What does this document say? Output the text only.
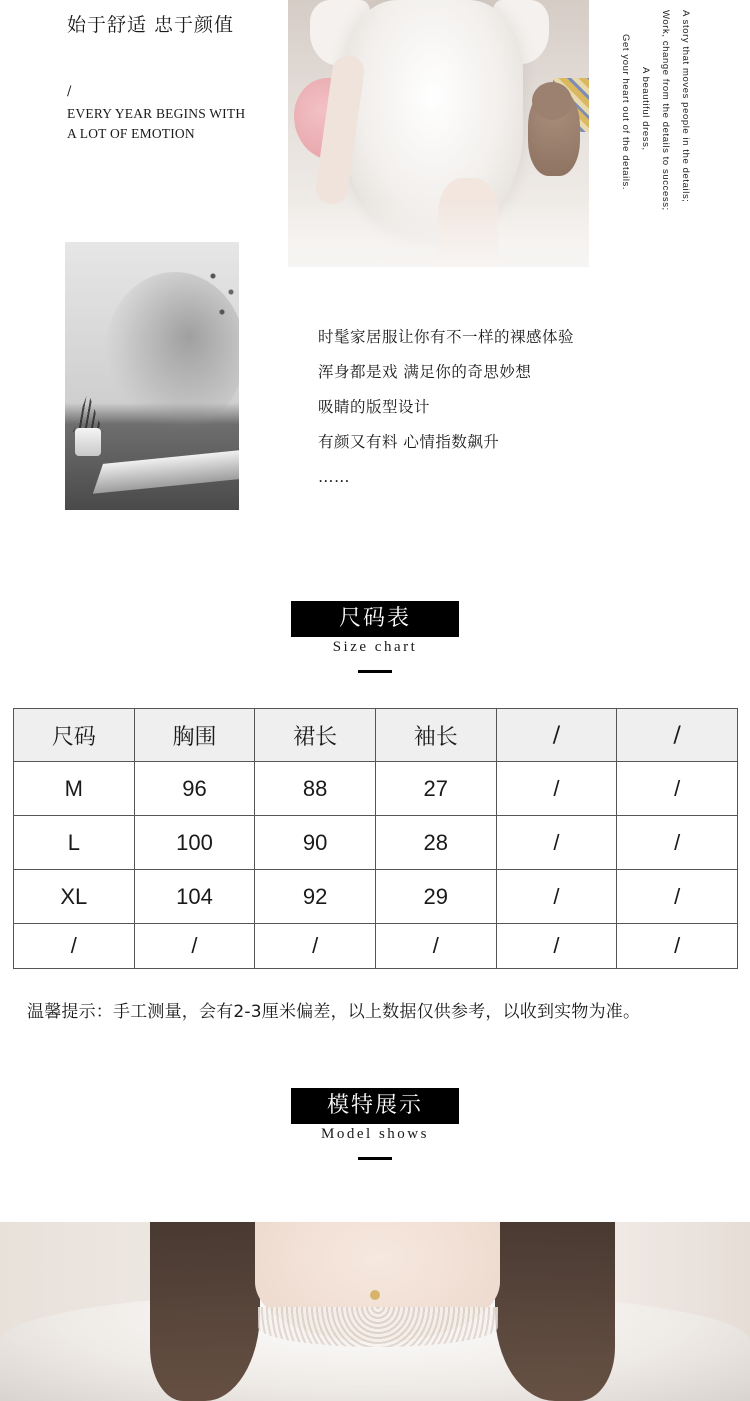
始于舒适 忠于颜值
/
EVERY YEAR BEGINS WITH
A LOT OF EMOTION	A story that moves people in the details;
Work, change from the details to success;
A beautiful dress,
Get your heart out of the details.
时髦家居服让你有不一样的裸感体验
浑身都是戏 满足你的奇思妙想
吸睛的版型设计
有颜又有料 心情指数飙升
……
尺码表
Size chart
尺码	胸围	裙长	袖长	/	/
M	96	88	27	/	/
L	100	90	28	/	/
XL	104	92	29	/	/
/	/	/	/	/	/
温馨提示：手工测量，会有2-3厘米偏差，以上数据仅供参考，以收到实物为准。
模特展示
Model shows
